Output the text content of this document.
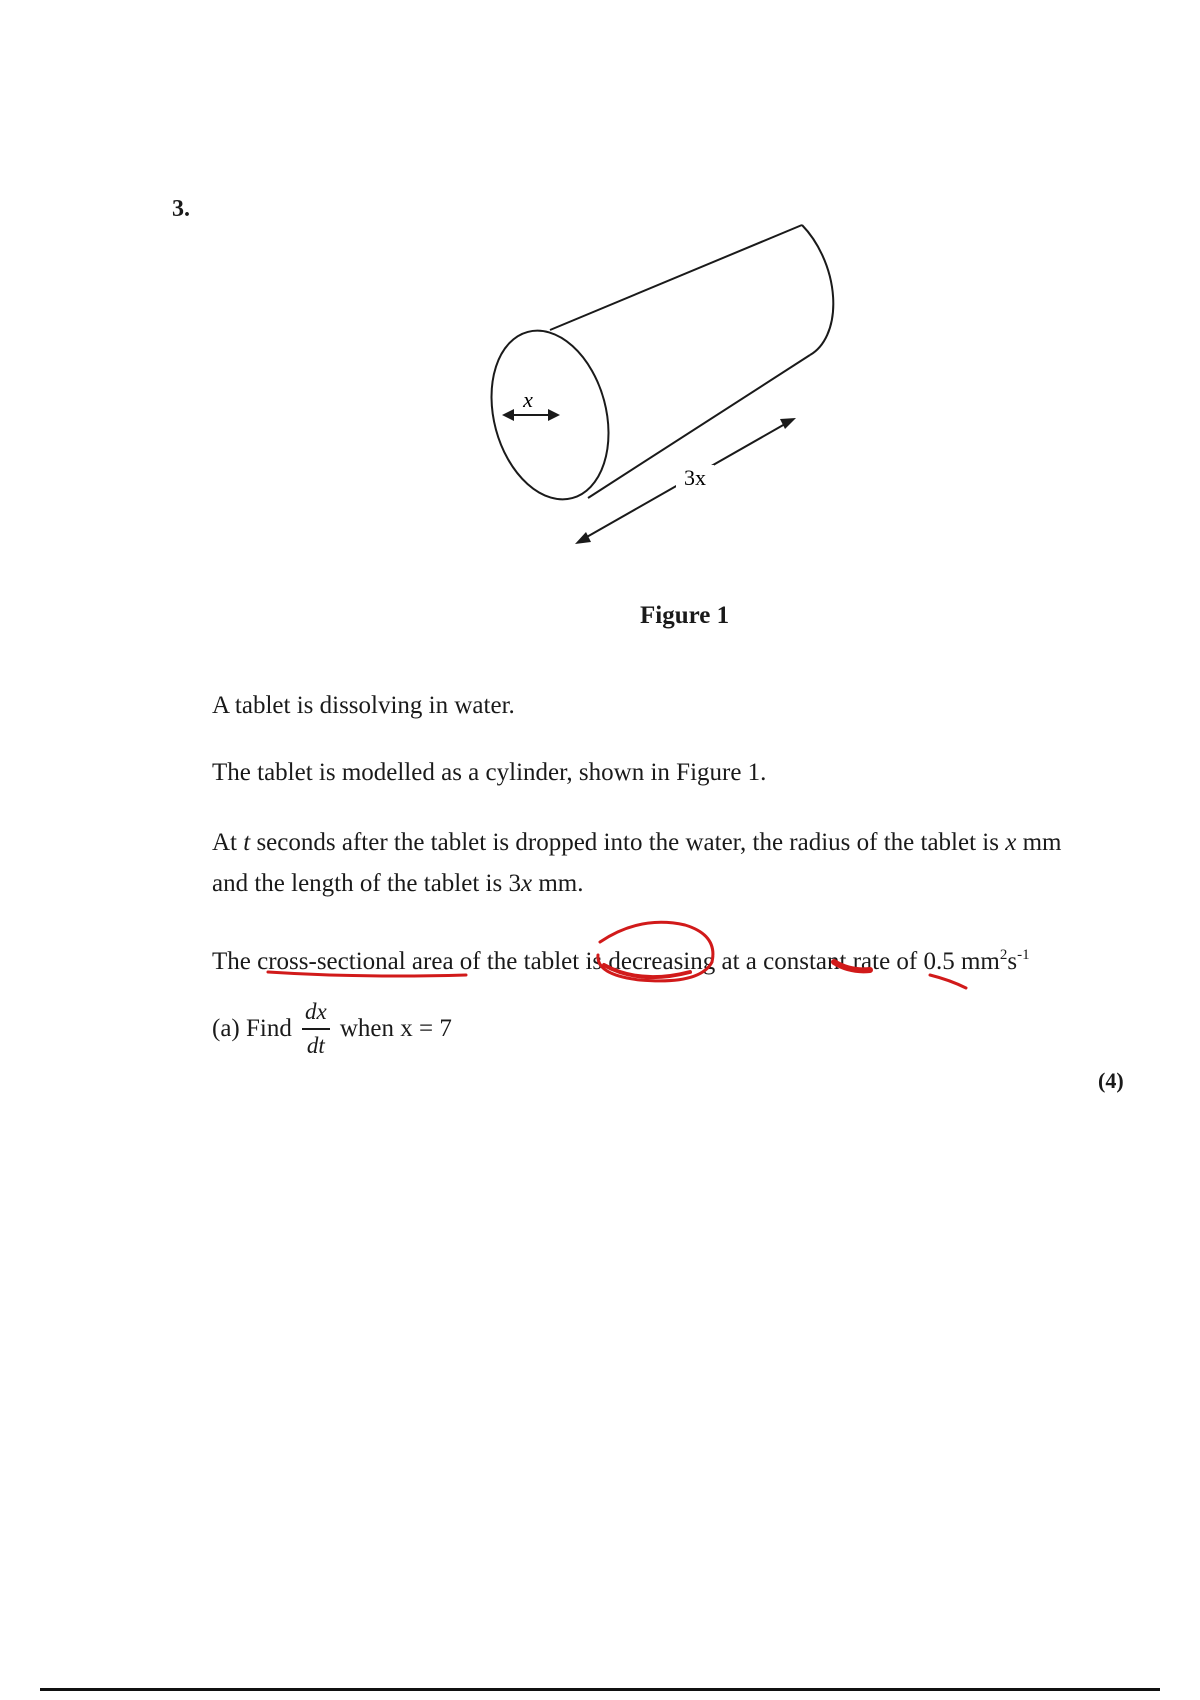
3.
x
3x
Figure 1
A tablet is dissolving in water.
The tablet is modelled as a cylinder, shown in Figure 1.
At t seconds after the tablet is dropped into the water, the radius of the tablet is x mm
and the length of the tablet is 3x mm.
The cross-sectional area of the tablet is decreasing at a constant rate of 0.5 $mm^2s^{-1}$
(a) Find $\frac{dx}{dt}$ when x = 7
(4)
